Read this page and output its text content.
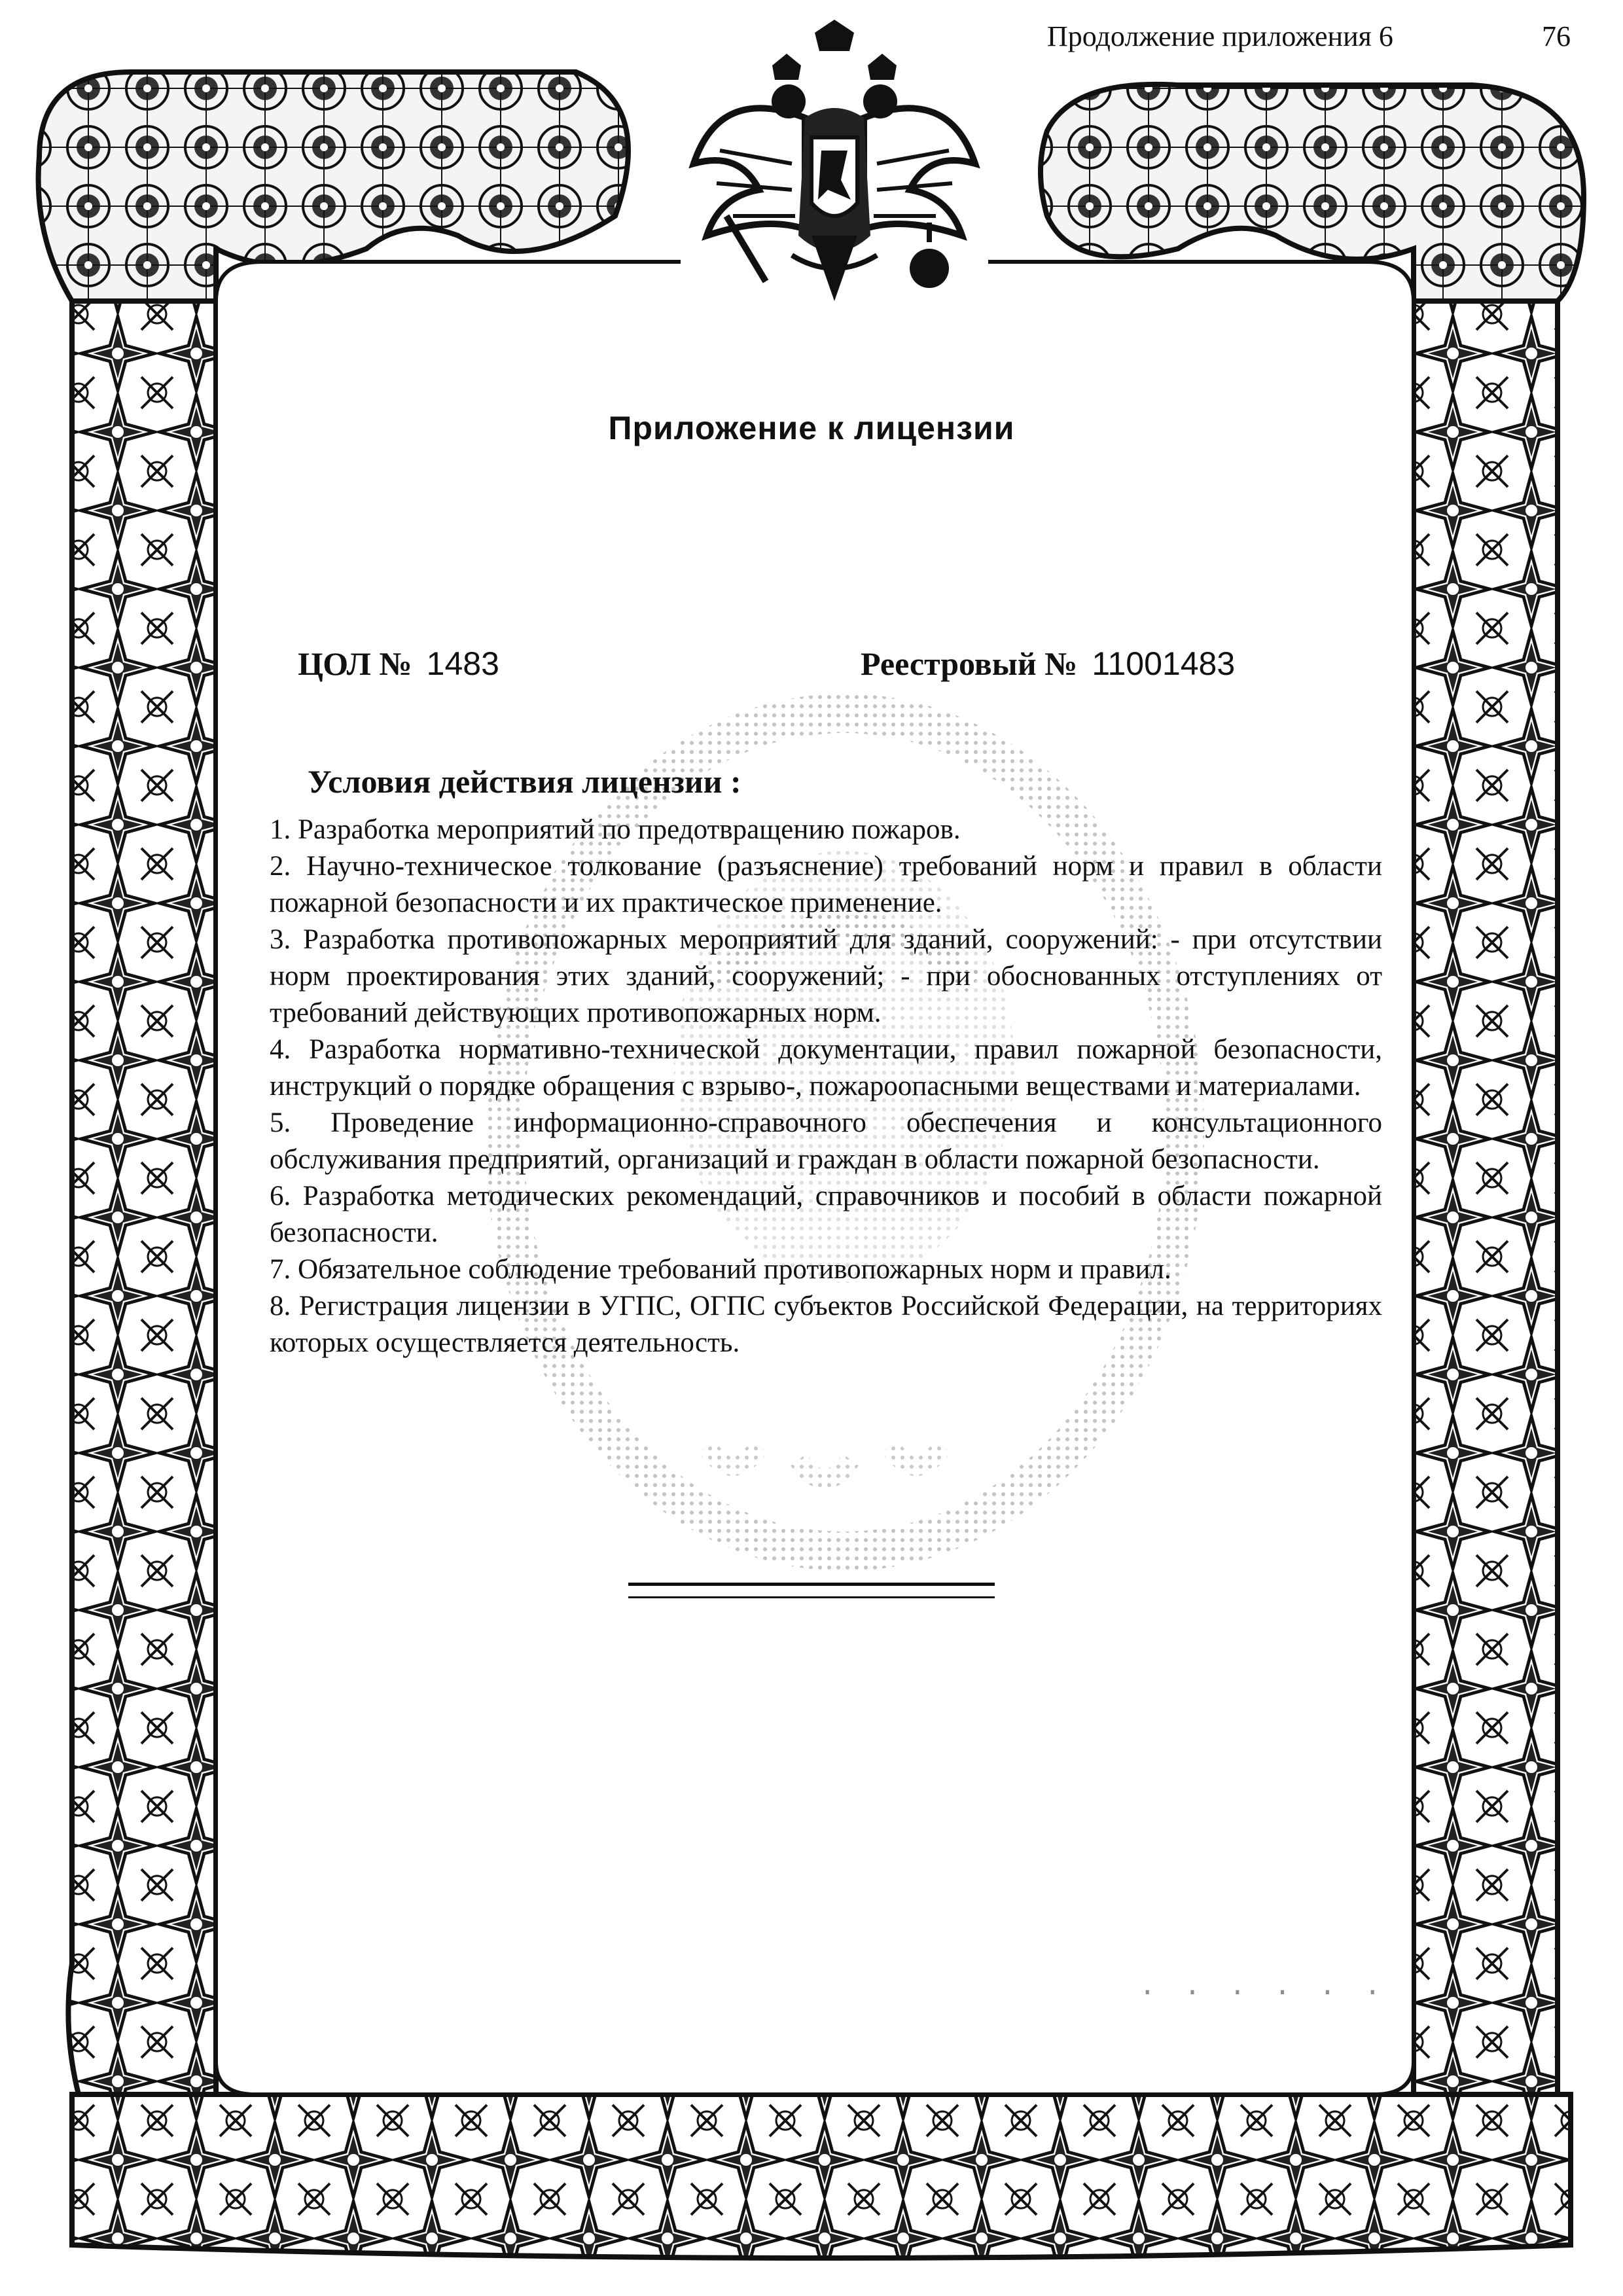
Продолжение приложения 6	76
Приложение к лицензии
ЦОЛ № 1483	Реестровый № 11001483
Условия действия лицензии :
1. Разработка мероприятий по предотвращению пожаров.
2. Научно-техническое толкование (разъяснение) требований норм и правил в области пожарной безопасности и их практическое применение.
3. Разработка противопожарных мероприятий для зданий, сооружений: - при отсутствии норм проектирования этих зданий, сооружений; - при обоснованных отступлениях от требований действующих противопожарных норм.
4. Разработка нормативно-технической документации, правил пожарной безопасности, инструкций о порядке обращения с взрыво-, пожароопасными веществами и материалами.
5. Проведение информационно-справочного обеспечения и консультационного обслуживания предприятий, организаций и граждан в области пожарной безопасности.
6. Разработка методических рекомендаций, справочников и пособий в области пожарной безопасности.
7. Обязательное соблюдение требований противопожарных норм и правил.
8. Регистрация лицензии в УГПС, ОГПС субъектов Российской Федерации, на территориях которых осуществляется деятельность.
· · · · · ·
